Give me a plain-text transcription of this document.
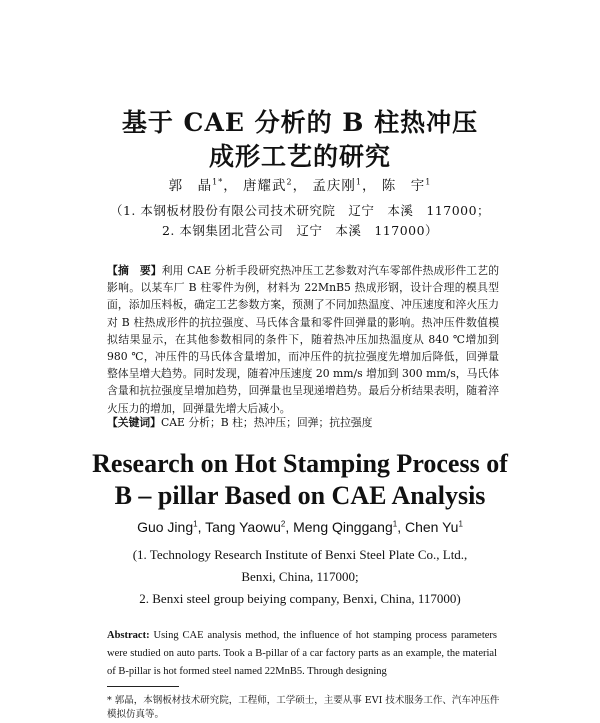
基于 CAE 分析的 B 柱热冲压
成形工艺的研究
郭　晶$^{1*}$， 唐耀武$^2$， 孟庆刚$^1$， 陈　宇$^1$
（1. 本钢板材股份有限公司技术研究院　辽宁　本溪　117000；
2. 本钢集团北营公司　辽宁　本溪　117000）
【摘　要】利用 CAE 分析手段研究热冲压工艺参数对汽车零部件热成形件工艺的影响。以某车厂 B 柱零件为例，材料为 22MnB5 热成形钢，设计合理的模具型面，添加压料板，确定工艺参数方案，预测了不同加热温度、冲压速度和淬火压力对 B 柱热成形件的抗拉强度、马氏体含量和零件回弹量的影响。热冲压件数值模拟结果显示，在其他参数相同的条件下，随着热冲压加热温度从 840 ℃增加到 980 ℃，冲压件的马氏体含量增加，而冲压件的抗拉强度先增加后降低，回弹量整体呈增大趋势。同时发现，随着冲压速度 20 mm/s 增加到 300 mm/s，马氏体含量和抗拉强度呈增加趋势，回弹量也呈现递增趋势。最后分析结果表明，随着淬火压力的增加，回弹量先增大后减小。
【关键词】CAE 分析；B 柱；热冲压；回弹；抗拉强度
Research on Hot Stamping Process of
B – pillar Based on CAE Analysis
Guo Jing$^1$, Tang Yaowu$^2$, Meng Qinggang$^1$, Chen Yu$^1$
(1. Technology Research Institute of Benxi Steel Plate Co., Ltd.,
Benxi, China, 117000;
2. Benxi steel group beiying company, Benxi, China, 117000)
Abstract: Using CAE analysis method, the influence of hot stamping process parameters were studied on auto parts. Took a B-pillar of a car factory parts as an example, the material of B-pillar is hot formed steel named 22MnB5. Through designing
* 郭晶，本钢板材技术研究院，工程师，工学硕士，主要从事 EVI 技术服务工作、汽车冲压件模拟仿真等。
